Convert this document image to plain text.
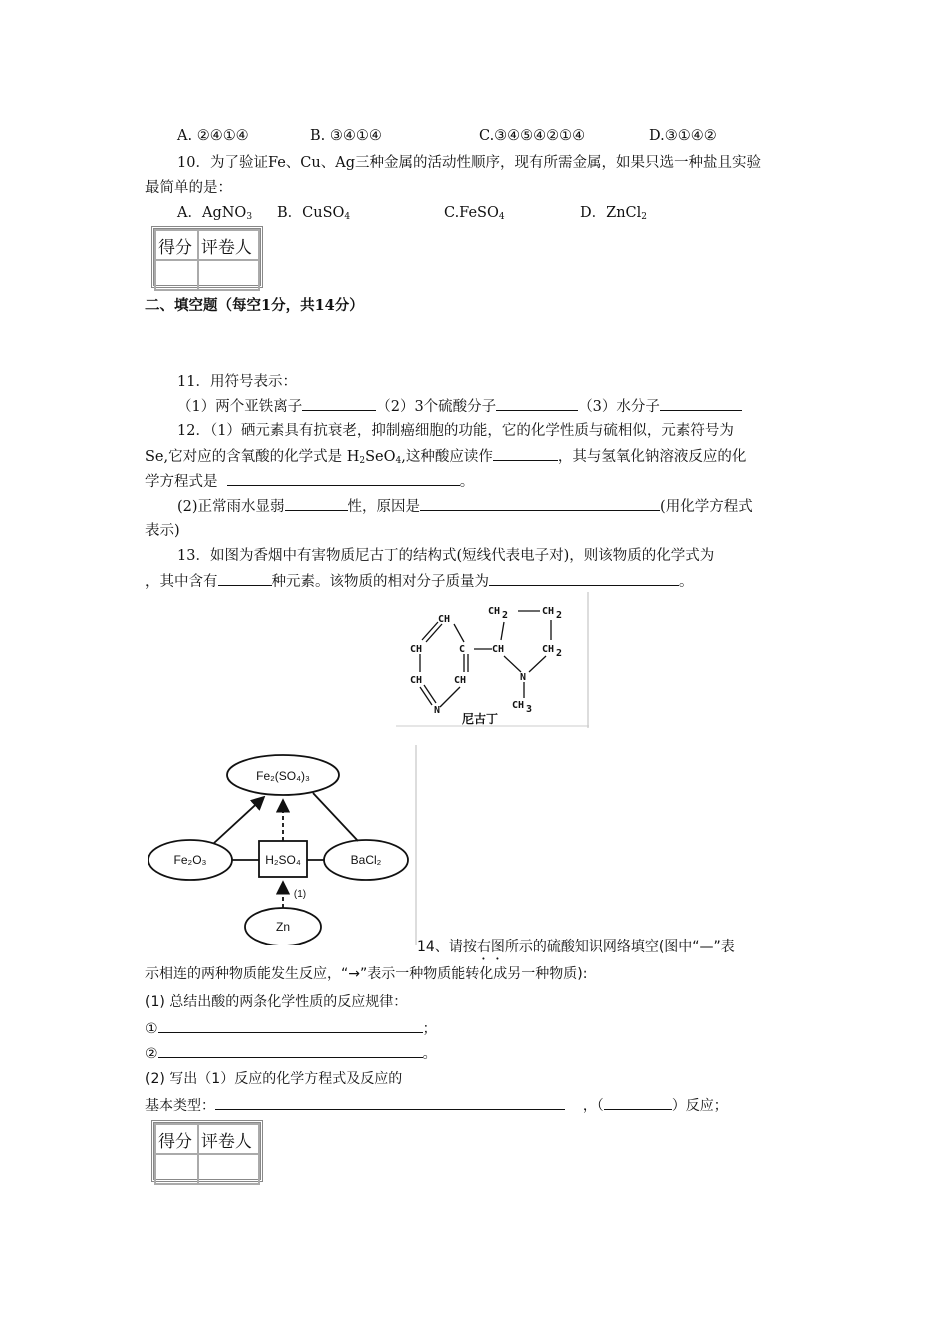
A. ②④①④	B. ③④①④	C.③④⑤④②①④	D.③①④②
10．为了验证Fe、Cu、Ag三种金属的活动性顺序，现有所需金属，如果只选一种盐且实验
最简单的是：
A．AgNO$_3$ B．CuSO$_4$	C.FeSO$_4$	D．ZnCl$_2$
得分	评卷人

二、填空题（每空1分，共14分）
11．用符号表示：
（1）两个亚铁离子	（2）3个硫酸分子	（3）水分子
12．（1）硒元素具有抗衰老，抑制癌细胞的功能，它的化学性质与硫相似，元素符号为
Se,它对应的含氧酸的化学式是 $H_2SeO_4$,这种酸应读作	，其与氢氧化钠溶液反应的化
学方程式是	。
(2)正常雨水显弱	性，原因是	(用化学方程式
表示)
13．如图为香烟中有害物质尼古丁的结构式(短线代表电子对)，则该物质的化学式为
，其中含有	种元素。该物质的相对分子质量为	。
CH
CH	C
CH	CH
N
CH
CH 2	CH 2
CH 2
N
CH 3
尼古丁
Fe₂(SO₄)₃
Fe₂O₃	H₂SO₄	BaCl₂
Zn
(1)
14、请按右图所示的硫酸知识网络填空(图中“—”表
示相连的两种物质能发生反应，“→”表示一种物质能转化成另一种物质):
(1) 总结出酸的两条化学性质的反应规律：
①	；
②	。
(2) 写出（1）反应的化学方程式及反应的
基本类型：	，（	）反应；
得分	评卷人
